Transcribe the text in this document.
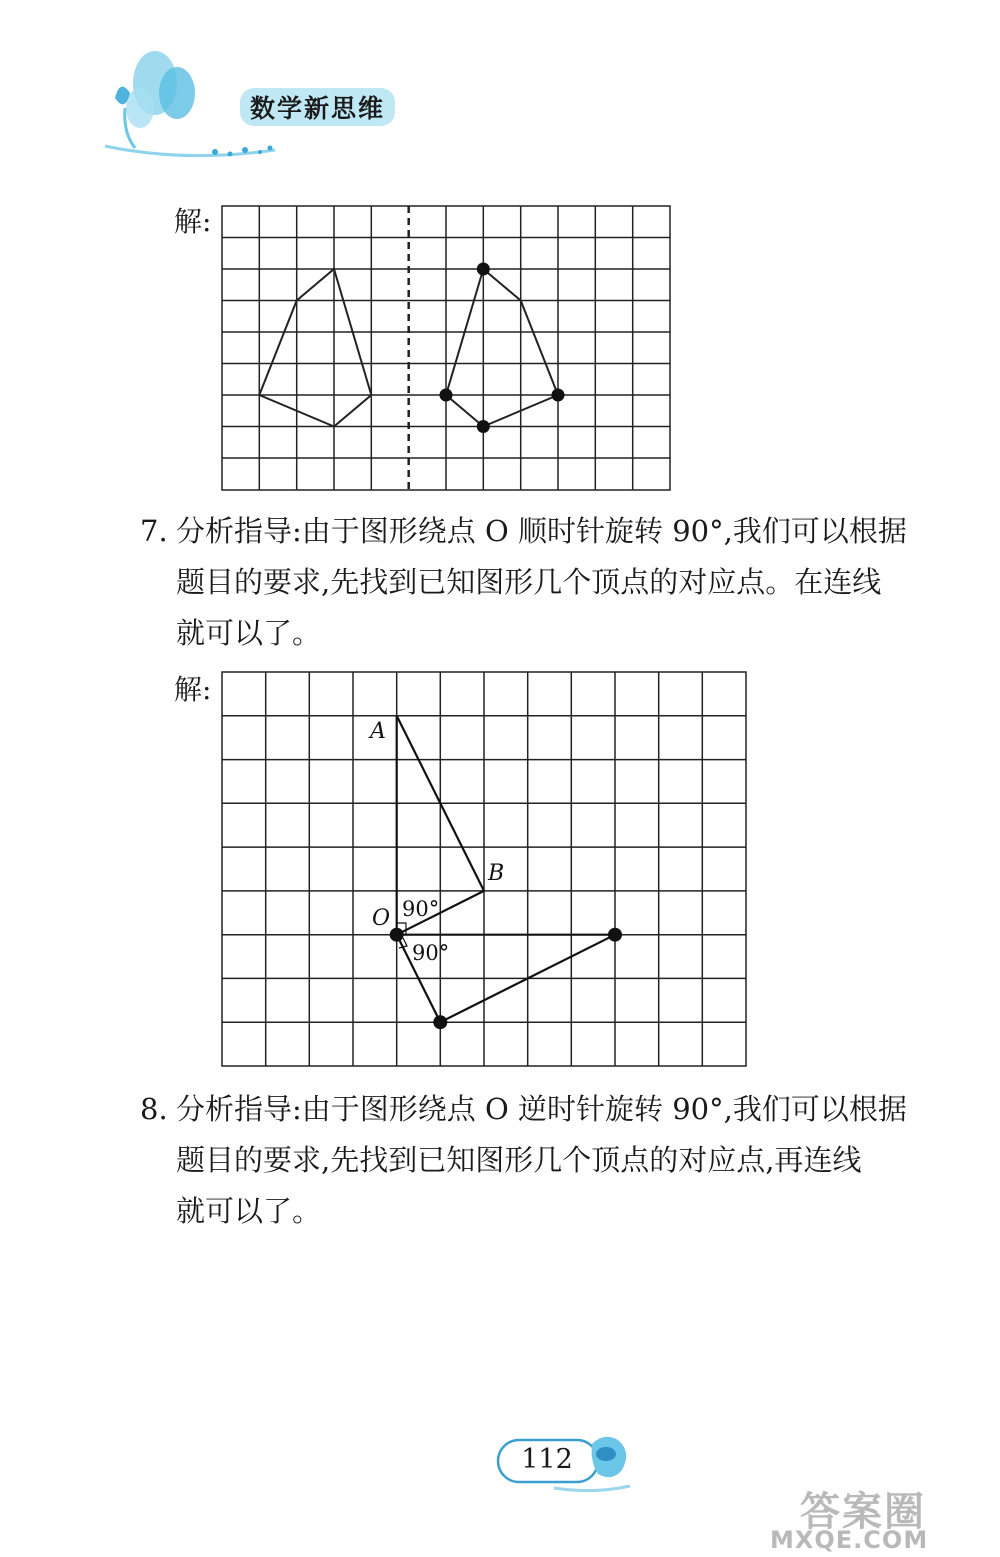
数学新思维
解:
7. 分析指导:由于图形绕点 O 顺时针旋转 90°,我们可以根据
题目的要求,先找到已知图形几个顶点的对应点。在连线
就可以了。
解:
A
B
O 90°
90°
8. 分析指导:由于图形绕点 O 逆时针旋转 90°,我们可以根据
题目的要求,先找到已知图形几个顶点的对应点,再连线
就可以了。
112
答案圈
MXQE.COM
